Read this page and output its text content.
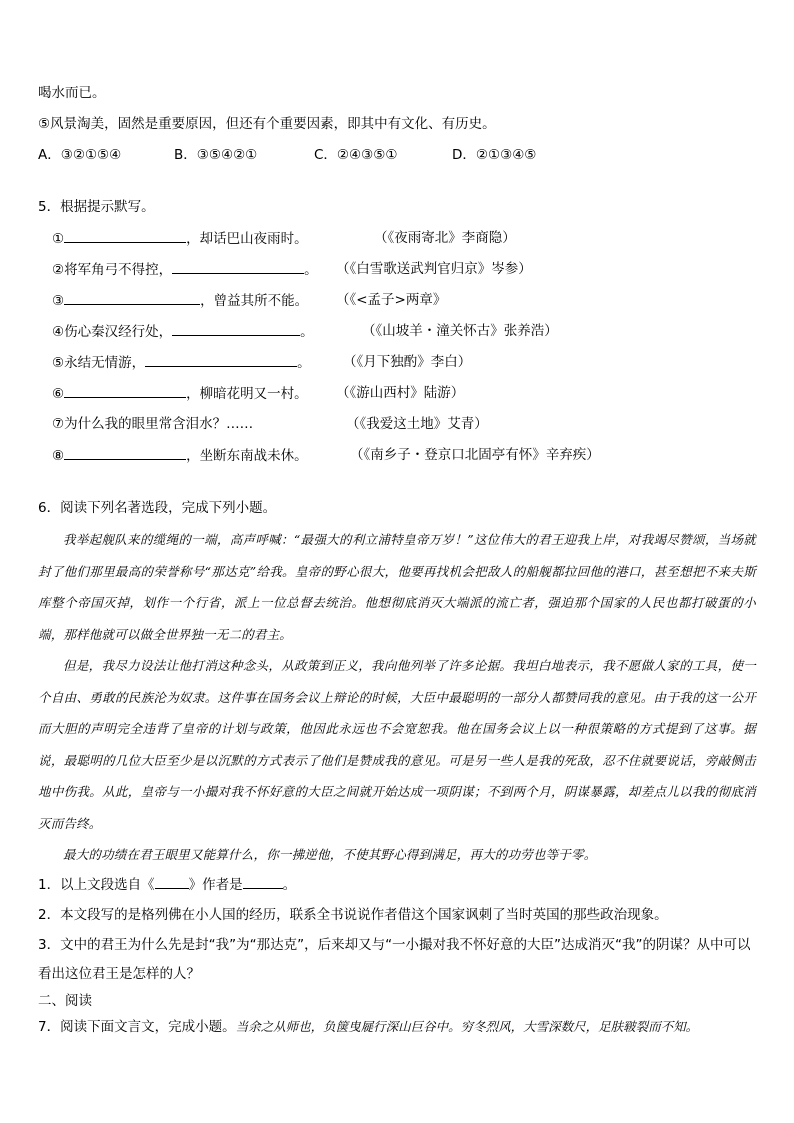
喝水而已。
⑤风景淘美，固然是重要原因，但还有个重要因素，即其中有文化、有历史。
A．③②①⑤④	B．③⑤④②①	C．②④③⑤①	D．②①③④⑤
5．根据提示默写。
①	，却话巴山夜雨时。	（《夜雨寄北》李商隐）
②将军角弓不得控，	。 （《白雪歌送武判官归京》岑参）
③	，曾益其所不能。 （《<孟子>两章》
④伤心秦汉经行处，	。	（《山坡羊・潼关怀古》张养浩）
⑤永结无情游，	。 （《月下独酌》李白）
⑥	，柳暗花明又一村。 （《游山西村》陆游）
⑦为什么我的眼里常含泪水？……	（《我爱这土地》艾青）
⑧	，坐断东南战未休。	（《南乡子・登京口北固亭有怀》辛弃疾）
6．阅读下列名著选段，完成下列小题。

我举起舰队来的缆绳的一端，高声呼喊：“最强大的利立浦特皇帝万岁！”这位伟大的君王迎我上岸，对我竭尽赞颂，当场就封了他们那里最高的荣誉称号“那达克”给我。皇帝的野心很大，他要再找机会把敌人的船舰都拉回他的港口，甚至想把不来夫斯库整个帝国灭掉，划作一个行省，派上一位总督去统治。他想彻底消灭大端派的流亡者，强迫那个国家的人民也都打破蛋的小端，那样他就可以做全世界独一无二的君主。

但是，我尽力设法让他打消这种念头，从政策到正义，我向他列举了许多论据。我坦白地表示，我不愿做人家的工具，使一个自由、勇敢的民族沦为奴隶。这件事在国务会议上辩论的时候，大臣中最聪明的一部分人都赞同我的意见。由于我的这一公开而大胆的声明完全违背了皇帝的计划与政策，他因此永远也不会宽恕我。他在国务会议上以一种很策略的方式提到了这事。据说，最聪明的几位大臣至少是以沉默的方式表示了他们是赞成我的意见。可是另一些人是我的死敌，忍不住就要说话，旁敲侧击地中伤我。从此，皇帝与一小撮对我不怀好意的大臣之间就开始达成一项阴谋；不到两个月，阴谋暴露，却差点儿以我的彻底消灭而告终。

最大的功绩在君王眼里又能算什么，你一拂逆他，不使其野心得到满足，再大的功劳也等于零。

1．以上文段选自《	》作者是	。
2．本文段写的是格列佛在小人国的经历，联系全书说说作者借这个国家讽刺了当时英国的那些政治现象。
3．文中的君王为什么先是封“我”为“那达克”，后来却又与“一小撮对我不怀好意的大臣”达成消灭“我”的阴谋？从中可以看出这位君王是怎样的人？
二、阅读
7．阅读下面文言文，完成小题。当余之从师也，负箧曳屣行深山巨谷中。穷冬烈风，大雪深数尺，足肤皲裂而不知。
